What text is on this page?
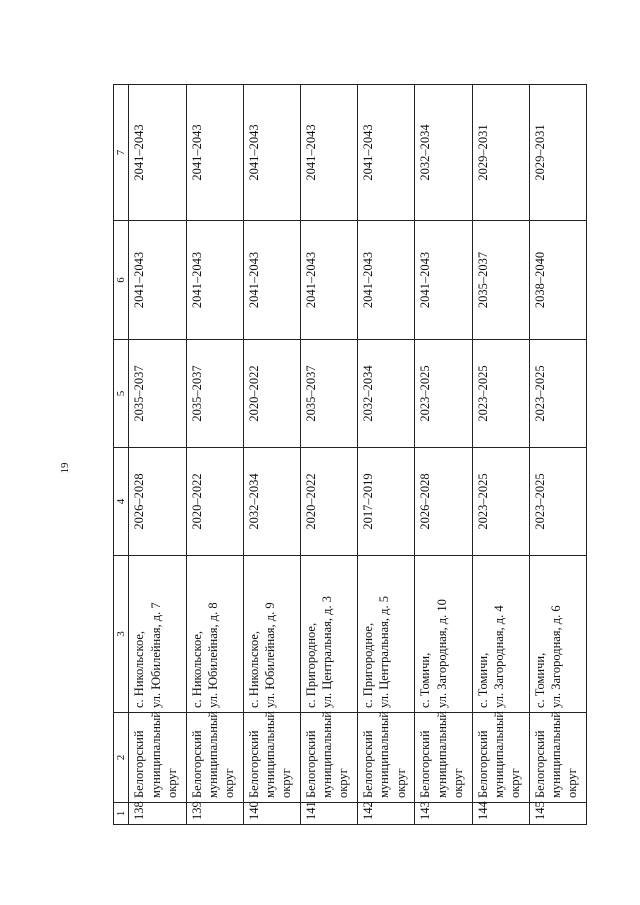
19
1	2	3	4	5	6	7
138	Белогорский муниципальный округ	с. Никольское, ул. Юбилейная, д. 7	2026–2028	2035–2037	2041–2043	2041–2043
139	Белогорский муниципальный округ	с. Никольское, ул. Юбилейная, д. 8	2020–2022	2035–2037	2041–2043	2041–2043
140	Белогорский муниципальный округ	с. Никольское, ул. Юбилейная, д. 9	2032–2034	2020–2022	2041–2043	2041–2043
141	Белогорский муниципальный округ	с. Пригородное, ул. Центральная, д. 3	2020–2022	2035–2037	2041–2043	2041–2043
142	Белогорский муниципальный округ	с. Пригородное, ул. Центральная, д. 5	2017–2019	2032–2034	2041–2043	2041–2043
143	Белогорский муниципальный округ	с. Томичи, ул. Загородная, д. 10	2026–2028	2023–2025	2041–2043	2032–2034
144	Белогорский муниципальный округ	с. Томичи, ул. Загородная, д. 4	2023–2025	2023–2025	2035–2037	2029–2031
145	Белогорский муниципальный округ	с. Томичи, ул. Загородная, д. 6	2023–2025	2023–2025	2038–2040	2029–2031
